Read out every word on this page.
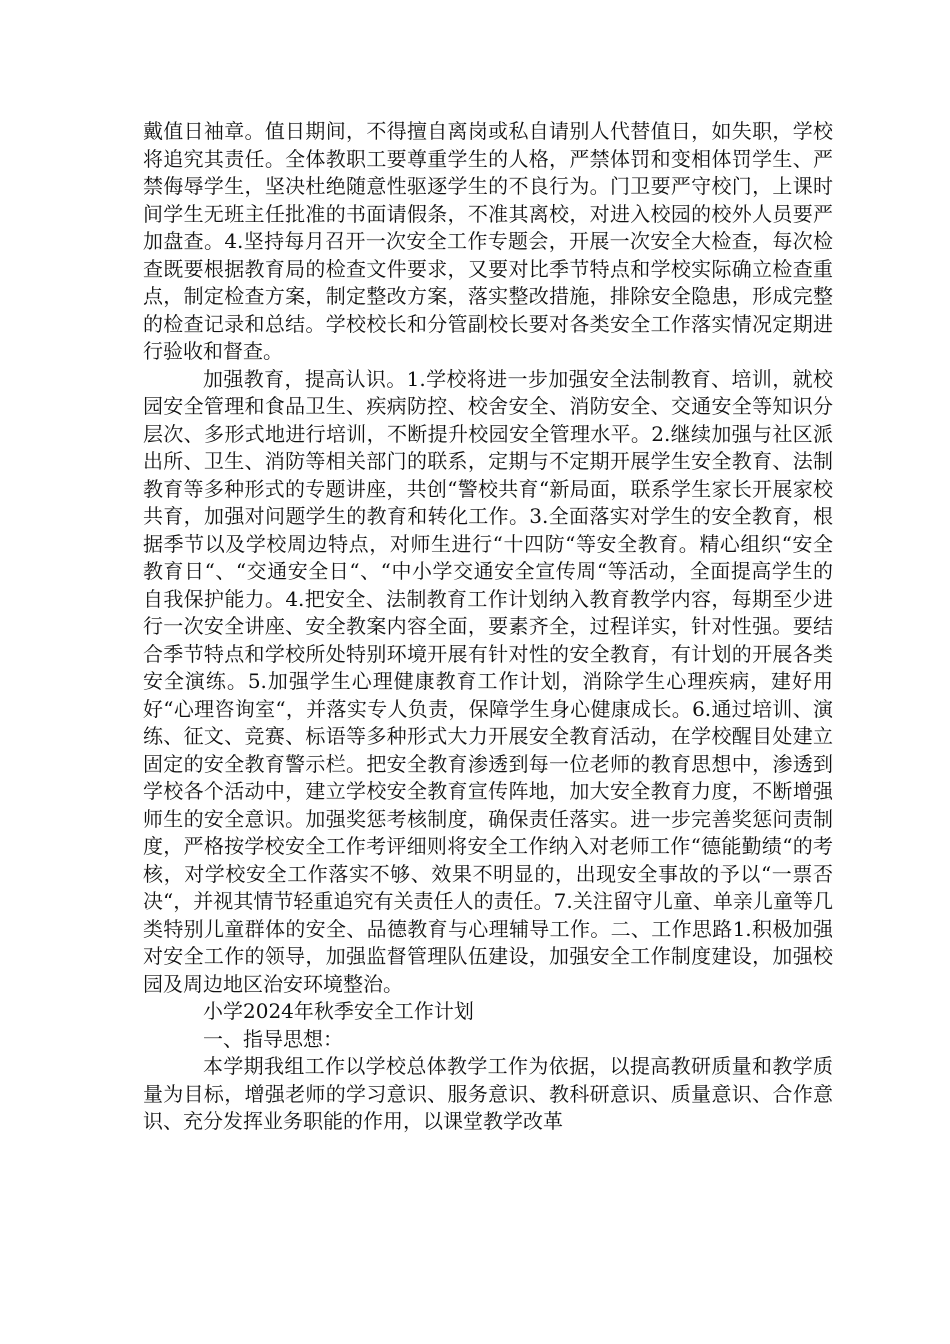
戴值日袖章。值日期间，不得擅自离岗或私自请别人代替值日，如失职，学校将追究其责任。全体教职工要尊重学生的人格，严禁体罚和变相体罚学生、严禁侮辱学生，坚决杜绝随意性驱逐学生的不良行为。门卫要严守校门，上课时间学生无班主任批准的书面请假条，不准其离校，对进入校园的校外人员要严加盘查。4.坚持每月召开一次安全工作专题会，开展一次安全大检查，每次检查既要根据教育局的检查文件要求，又要对比季节特点和学校实际确立检查重点，制定检查方案，制定整改方案，落实整改措施，排除安全隐患，形成完整的检查记录和总结。学校校长和分管副校长要对各类安全工作落实情况定期进行验收和督查。

加强教育，提高认识。1.学校将进一步加强安全法制教育、培训，就校园安全管理和食品卫生、疾病防控、校舍安全、消防安全、交通安全等知识分层次、多形式地进行培训，不断提升校园安全管理水平。2.继续加强与社区派出所、卫生、消防等相关部门的联系，定期与不定期开展学生安全教育、法制教育等多种形式的专题讲座，共创“警校共育“新局面，联系学生家长开展家校共育，加强对问题学生的教育和转化工作。3.全面落实对学生的安全教育，根据季节以及学校周边特点，对师生进行“十四防“等安全教育。精心组织“安全教育日“、“交通安全日“、“中小学交通安全宣传周“等活动，全面提高学生的自我保护能力。4.把安全、法制教育工作计划纳入教育教学内容，每期至少进行一次安全讲座、安全教案内容全面，要素齐全，过程详实，针对性强。要结合季节特点和学校所处特别环境开展有针对性的安全教育，有计划的开展各类安全演练。5.加强学生心理健康教育工作计划，消除学生心理疾病，建好用好“心理咨询室“，并落实专人负责，保障学生身心健康成长。6.通过培训、演练、征文、竞赛、标语等多种形式大力开展安全教育活动，在学校醒目处建立固定的安全教育警示栏。把安全教育渗透到每一位老师的教育思想中，渗透到学校各个活动中，建立学校安全教育宣传阵地，加大安全教育力度，不断增强师生的安全意识。加强奖惩考核制度，确保责任落实。进一步完善奖惩问责制度，严格按学校安全工作考评细则将安全工作纳入对老师工作“德能勤绩“的考核，对学校安全工作落实不够、效果不明显的，出现安全事故的予以“一票否决“，并视其情节轻重追究有关责任人的责任。7.关注留守儿童、单亲儿童等几类特别儿童群体的安全、品德教育与心理辅导工作。二、工作思路1.积极加强对安全工作的领导，加强监督管理队伍建设，加强安全工作制度建设，加强校园及周边地区治安环境整治。

小学2024年秋季安全工作计划

一、指导思想：

本学期我组工作以学校总体教学工作为依据，以提高教研质量和教学质量为目标，增强老师的学习意识、服务意识、教科研意识、质量意识、合作意识、充分发挥业务职能的作用，以课堂教学改革
